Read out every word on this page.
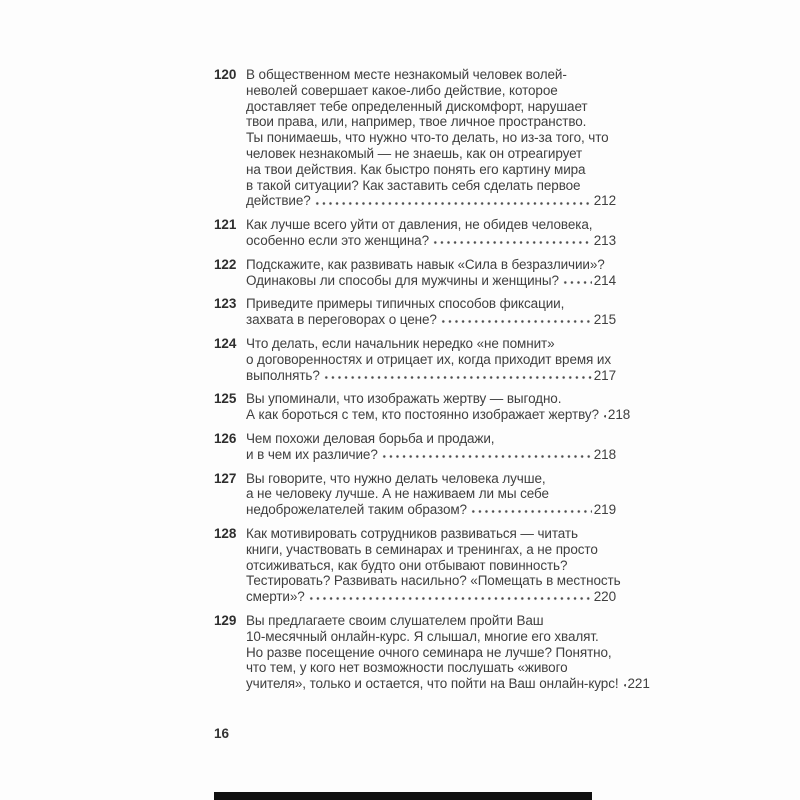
120 В общественном месте незнакомый человек волей-
неволей совершает какое-либо действие, которое
доставляет тебе определенный дискомфорт, нарушает
твои права, или, например, твое личное пространство.
Ты понимаешь, что нужно что-то делать, но из-за того, что
человек незнакомый — не знаешь, как он отреагирует
на твои действия. Как быстро понять его картину мира
в такой ситуации? Как заставить себя сделать первое
действие?	212
121 Как лучше всего уйти от давления, не обидев человека,
особенно если это женщина?	213
122 Подскажите, как развивать навык «Сила в безразличии»?
Одинаковы ли способы для мужчины и женщины?	214
123 Приведите примеры типичных способов фиксации,
захвата в переговорах о цене?	215
124 Что делать, если начальник нередко «не помнит»
о договоренностях и отрицает их, когда приходит время их
выполнять?	217
125 Вы упоминали, что изображать жертву — выгодно.
А как бороться с тем, кто постоянно изображает жертву? 218
126 Чем похожи деловая борьба и продажи,
и в чем их различие?	218
127 Вы говорите, что нужно делать человека лучше,
а не человеку лучше. А не наживаем ли мы себе
недоброжелателей таким образом?	219
128 Как мотивировать сотрудников развиваться — читать
книги, участвовать в семинарах и тренингах, а не просто
отсиживаться, как будто они отбывают повинность?
Тестировать? Развивать насильно? «Помещать в местность
смерти»?	220
129 Вы предлагаете своим слушателем пройти Ваш
10-месячный онлайн-курс. Я слышал, многие его хвалят.
Но разве посещение очного семинара не лучше? Понятно,
что тем, у кого нет возможности послушать «живого
учителя», только и остается, что пойти на Ваш онлайн-курс! 221
16
